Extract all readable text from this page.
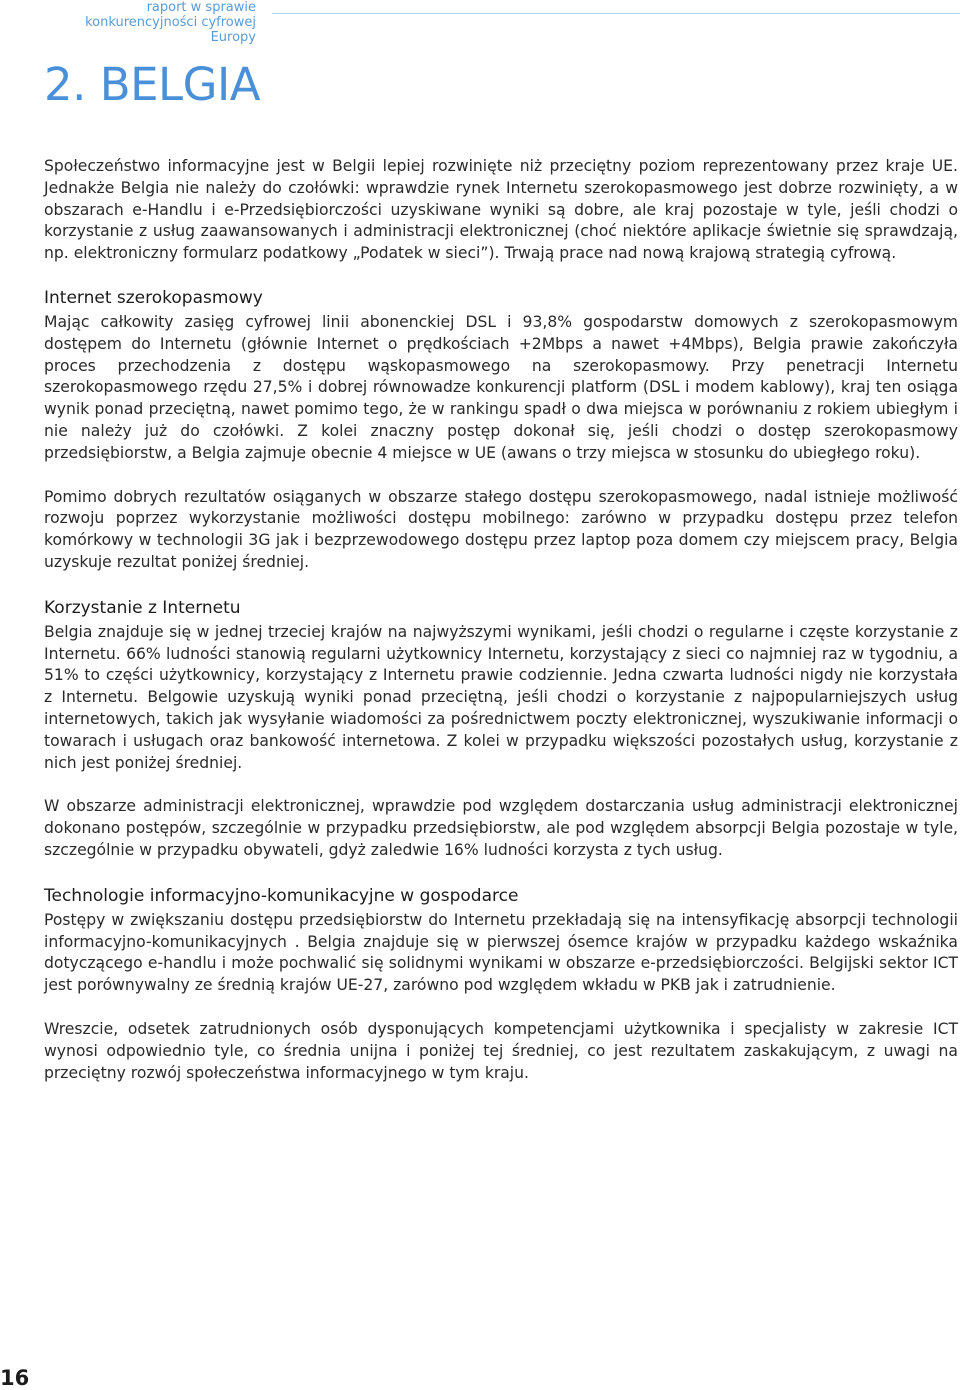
raport w sprawie konkurencyjności cyfrowej Europy
2. BELGIA

Społeczeństwo informacyjne jest w Belgii lepiej rozwinięte niż przeciętny poziom reprezentowany przez kraje UE. Jednakże Belgia nie należy do czołówki: wprawdzie rynek Internetu szerokopasmowego jest dobrze rozwinięty, a w obszarach e-Handlu i e-Przedsiębiorczości uzyskiwane wyniki są dobre, ale kraj pozostaje w tyle, jeśli chodzi o korzystanie z usług zaawansowanych i administracji elektronicznej (choć niektóre aplikacje świetnie się sprawdzają, np. elektroniczny formularz podatkowy „Podatek w sieci”). Trwają prace nad nową krajową strategią cyfrową.

Internet szerokopasmowy

Mając całkowity zasięg cyfrowej linii abonenckiej DSL i 93,8% gospodarstw domowych z szerokopasmowym dostępem do Internetu (głównie Internet o prędkościach +2Mbps a nawet +4Mbps), Belgia prawie zakończyła proces przechodzenia z dostępu wąskopasmowego na szerokopasmowy. Przy penetracji Internetu szerokopasmowego rzędu 27,5% i dobrej równowadze konkurencji platform (DSL i modem kablowy), kraj ten osiąga wynik ponad przeciętną, nawet pomimo tego, że w rankingu spadł o dwa miejsca w porównaniu z rokiem ubiegłym i nie należy już do czołówki. Z kolei znaczny postęp dokonał się, jeśli chodzi o dostęp szerokopasmowy przedsiębiorstw, a Belgia zajmuje obecnie 4 miejsce w UE (awans o trzy miejsca w stosunku do ubiegłego roku).

Pomimo dobrych rezultatów osiąganych w obszarze stałego dostępu szerokopasmowego, nadal istnieje możliwość rozwoju poprzez wykorzystanie możliwości dostępu mobilnego: zarówno w przypadku dostępu przez telefon komórkowy w technologii 3G jak i bezprzewodowego dostępu przez laptop poza domem czy miejscem pracy, Belgia uzyskuje rezultat poniżej średniej.

Korzystanie z Internetu

Belgia znajduje się w jednej trzeciej krajów na najwyższymi wynikami, jeśli chodzi o regularne i częste korzystanie z Internetu. 66% ludności stanowią regularni użytkownicy Internetu, korzystający z sieci co najmniej raz w tygodniu, a 51% to części użytkownicy, korzystający z Internetu prawie codziennie. Jedna czwarta ludności nigdy nie korzystała z Internetu. Belgowie uzyskują wyniki ponad przeciętną, jeśli chodzi o korzystanie z najpopularniejszych usług internetowych, takich jak wysyłanie wiadomości za pośrednictwem poczty elektronicznej, wyszukiwanie informacji o towarach i usługach oraz bankowość internetowa. Z kolei w przypadku większości pozostałych usług, korzystanie z nich jest poniżej średniej.

W obszarze administracji elektronicznej, wprawdzie pod względem dostarczania usług administracji elektronicznej dokonano postępów, szczególnie w przypadku przedsiębiorstw, ale pod względem absorpcji Belgia pozostaje w tyle, szczególnie w przypadku obywateli, gdyż zaledwie 16% ludności korzysta z tych usług.

Technologie informacyjno-komunikacyjne w gospodarce

Postępy w zwiększaniu dostępu przedsiębiorstw do Internetu przekładają się na intensyfikację absorpcji technologii informacyjno-komunikacyjnych . Belgia znajduje się w pierwszej ósemce krajów w przypadku każdego wskaźnika dotyczącego e-handlu i może pochwalić się solidnymi wynikami w obszarze e-przedsiębiorczości. Belgijski sektor ICT jest porównywalny ze średnią krajów UE-27, zarówno pod względem wkładu w PKB jak i zatrudnienie.

Wreszcie, odsetek zatrudnionych osób dysponujących kompetencjami użytkownika i specjalisty w zakresie ICT wynosi odpowiednio tyle, co średnia unijna i poniżej tej średniej, co jest rezultatem zaskakującym, z uwagi na przeciętny rozwój społeczeństwa informacyjnego w tym kraju.

16
